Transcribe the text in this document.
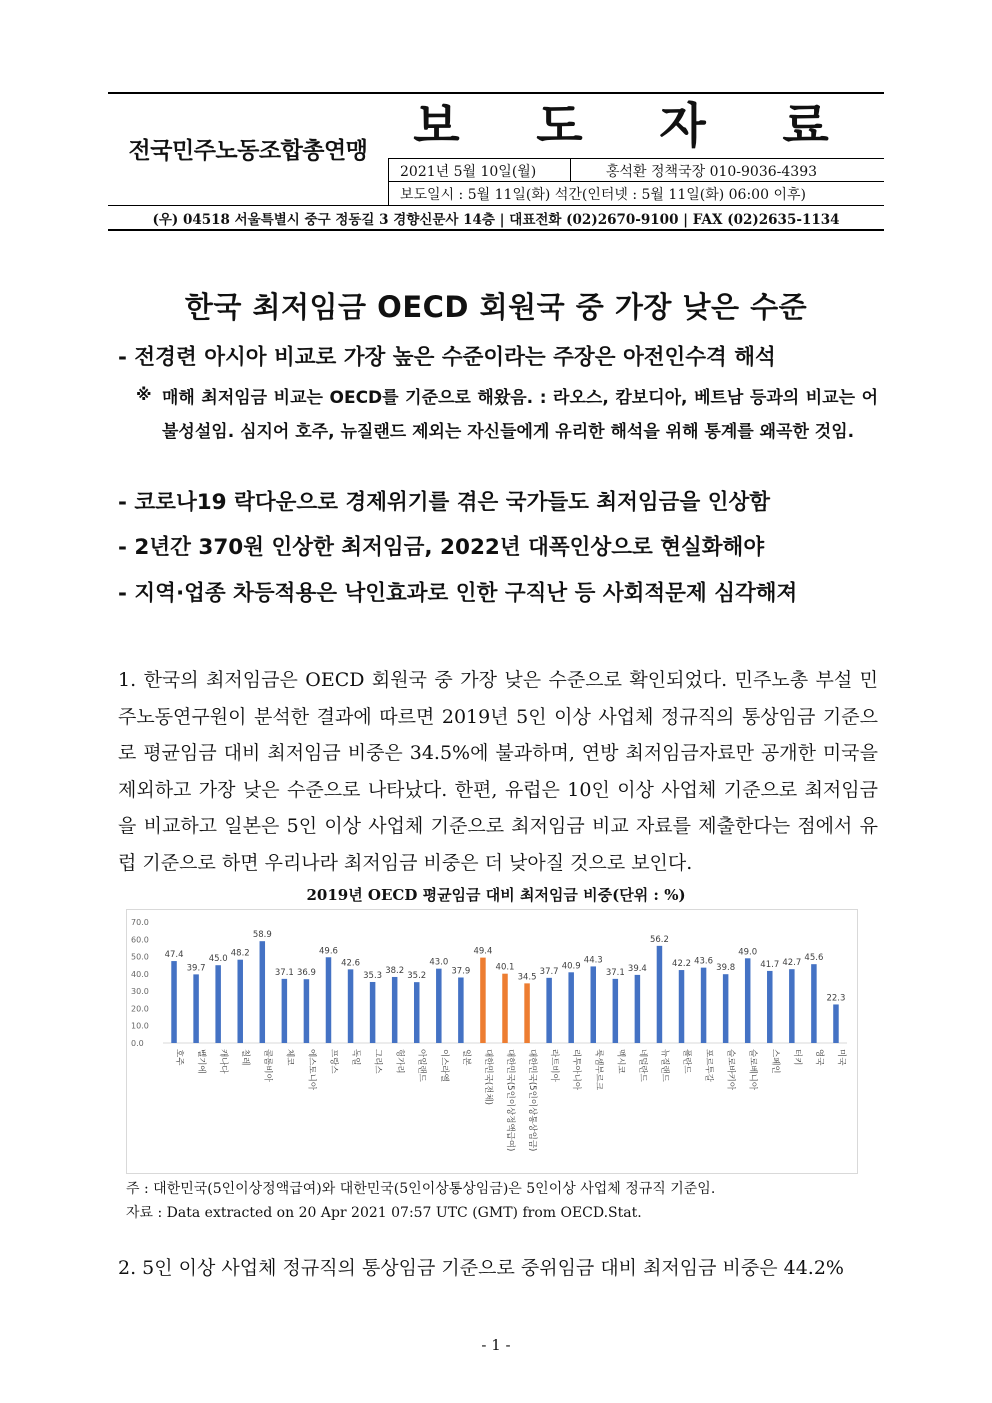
전국민주노동조합총연맹 보 도 자 료
2021년 5월 10일(월)	홍석환 정책국장 010-9036-4393
보도일시 : 5월 11일(화) 석간(인터넷 : 5월 11일(화) 06:00 이후)
(우) 04518 서울특별시 중구 정동길 3 경향신문사 14층 | 대표전화 (02)2670-9100 | FAX (02)2635-1134
한국 최저임금 OECD 회원국 중 가장 낮은 수준
- 전경련 아시아 비교로 가장 높은 수준이라는 주장은 아전인수격 해석
※ 매해 최저임금 비교는 OECD를 기준으로 해왔음. : 라오스, 캄보디아, 베트남 등과의 비교는 어불성설임. 심지어 호주, 뉴질랜드 제외는 자신들에게 유리한 해석을 위해 통계를 왜곡한 것임.
- 코로나19 락다운으로 경제위기를 겪은 국가들도 최저임금을 인상함
- 2년간 370원 인상한 최저임금, 2022년 대폭인상으로 현실화해야
- 지역·업종 차등적용은 낙인효과로 인한 구직난 등 사회적문제 심각해져
1. 한국의 최저임금은 OECD 회원국 중 가장 낮은 수준으로 확인되었다. 민주노총 부설 민주노동연구원이 분석한 결과에 따르면 2019년 5인 이상 사업체 정규직의 통상임금 기준으로 평균임금 대비 최저임금 비중은 34.5%에 불과하며, 연방 최저임금자료만 공개한 미국을 제외하고 가장 낮은 수준으로 나타났다. 한편, 유럽은 10인 이상 사업체 기준으로 최저임금을 비교하고 일본은 5인 이상 사업체 기준으로 최저임금 비교 자료를 제출한다는 점에서 유럽 기준으로 하면 우리나라 최저임금 비중은 더 낮아질 것으로 보인다.
2019년 OECD 평균임금 대비 최저임금 비중(단위 : %)
0.0
10.0
20.0
30.0
40.0
50.0
60.0
70.0
47.4
호주
39.7
벨기에
45.0
캐나다
48.2
칠레
58.9
콜롬비아
37.1
체코
36.9
에스토니아
49.6
프랑스
42.6
독일
35.3
그리스
38.2
헝가리
35.2
아일랜드
43.0
이스라엘
37.9
일본
49.4
대한민국(전체)
40.1
대한민국(5인이상정액급여)
34.5
대한민국(5인이상통상임금)
37.7
라트비아
40.9
리투아니아
44.3
룩셈부르크
37.1
멕시코
39.4
네덜란드
56.2
뉴질랜드
42.2
폴란드
43.6
포르투갈
39.8
슬로바키아
49.0
슬로베니아
41.7
스페인
42.7
터키
45.6
영국
22.3
미국
주 : 대한민국(5인이상정액급여)와 대한민국(5인이상통상임금)은 5인이상 사업체 정규직 기준임.
자료 : Data extracted on 20 Apr 2021 07:57 UTC (GMT) from OECD.Stat.
2. 5인 이상 사업체 정규직의 통상임금 기준으로 중위임금 대비 최저임금 비중은 44.2%
- 1 -
